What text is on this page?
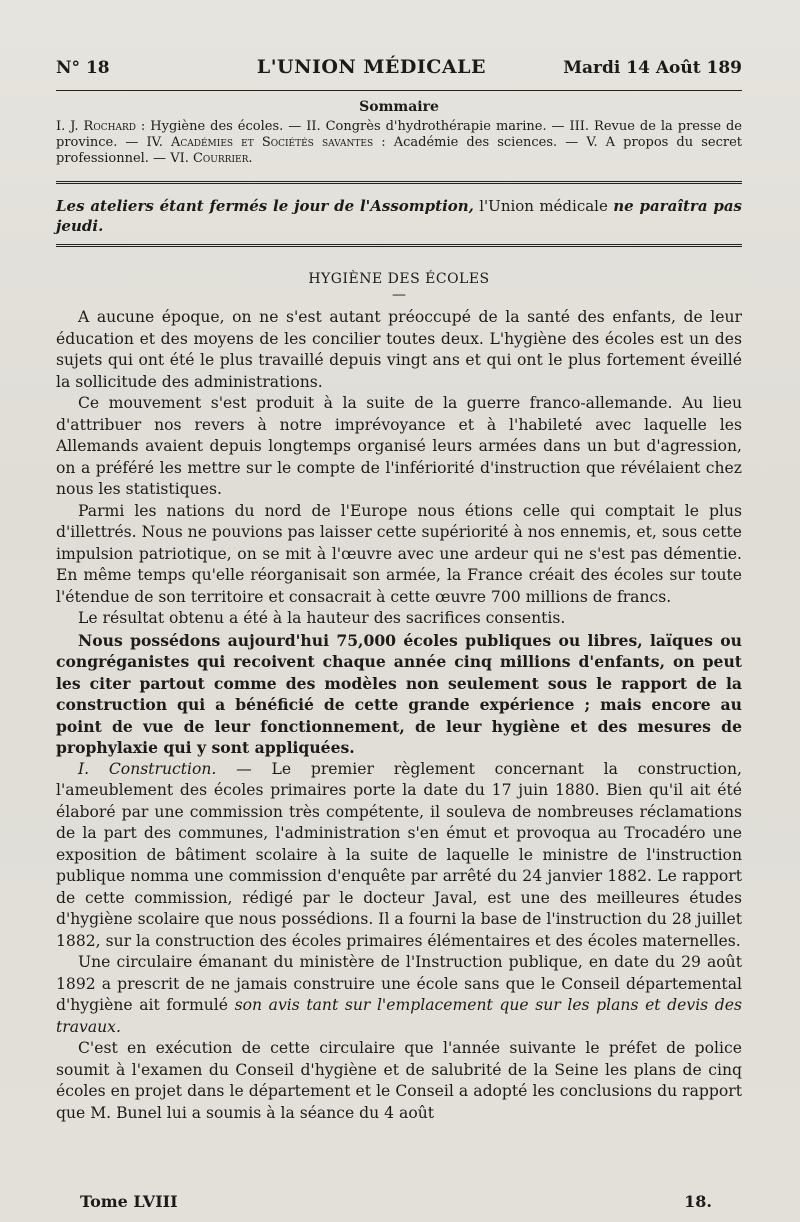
N° 18	L'UNION MÉDICALE	Mardi 14 Août 189
Sommaire
I. J. Rochard : Hygiène des écoles. — II. Congrès d'hydrothérapie marine. — III. Revue de la presse de province. — IV. Académies et Sociétés savantes : Académie des sciences. — V. A propos du secret professionnel. — VI. Courrier.
Les ateliers étant fermés le jour de l'Assomption, l'Union médicale ne paraîtra pas jeudi.
HYGIÈNE DES ÉCOLES
—

A aucune époque, on ne s'est autant préoccupé de la santé des enfants, de leur éducation et des moyens de les concilier toutes deux. L'hygiène des écoles est un des sujets qui ont été le plus travaillé depuis vingt ans et qui ont le plus fortement éveillé la sollicitude des administrations.

Ce mouvement s'est produit à la suite de la guerre franco-allemande. Au lieu d'attribuer nos revers à notre imprévoyance et à l'habileté avec laquelle les Allemands avaient depuis longtemps organisé leurs armées dans un but d'agression, on a préféré les mettre sur le compte de l'infériorité d'instruction que révélaient chez nous les statistiques.

Parmi les nations du nord de l'Europe nous étions celle qui comptait le plus d'illettrés. Nous ne pouvions pas laisser cette supériorité à nos ennemis, et, sous cette impulsion patriotique, on se mit à l'œuvre avec une ardeur qui ne s'est pas démentie. En même temps qu'elle réorganisait son armée, la France créait des écoles sur toute l'étendue de son territoire et consacrait à cette œuvre 700 millions de francs.

Le résultat obtenu a été à la hauteur des sacrifices consentis.

Nous possédons aujourd'hui 75,000 écoles publiques ou libres, laïques ou congréganistes qui recoivent chaque année cinq millions d'enfants, on peut les citer partout comme des modèles non seulement sous le rapport de la construction qui a bénéficié de cette grande expérience ; mais encore au point de vue de leur fonctionnement, de leur hygiène et des mesures de prophylaxie qui y sont appliquées.

I. Construction. — Le premier règlement concernant la construction, l'ameublement des écoles primaires porte la date du 17 juin 1880. Bien qu'il ait été élaboré par une commission très compétente, il souleva de nombreuses réclamations de la part des communes, l'administration s'en émut et provoqua au Trocadéro une exposition de bâtiment scolaire à la suite de laquelle le ministre de l'instruction publique nomma une commission d'enquête par arrêté du 24 janvier 1882. Le rapport de cette commission, rédigé par le docteur Javal, est une des meilleures études d'hygiène scolaire que nous possédions. Il a fourni la base de l'instruction du 28 juillet 1882, sur la construction des écoles primaires élémentaires et des écoles maternelles.

Une circulaire émanant du ministère de l'Instruction publique, en date du 29 août 1892 a prescrit de ne jamais construire une école sans que le Conseil départemental d'hygiène ait formulé son avis tant sur l'emplacement que sur les plans et devis des travaux.

C'est en exécution de cette circulaire que l'année suivante le préfet de police soumit à l'examen du Conseil d'hygiène et de salubrité de la Seine les plans de cinq écoles en projet dans le département et le Conseil a adopté les conclusions du rapport que M. Bunel lui a soumis à la séance du 4 août

Tome LVIII	18.
